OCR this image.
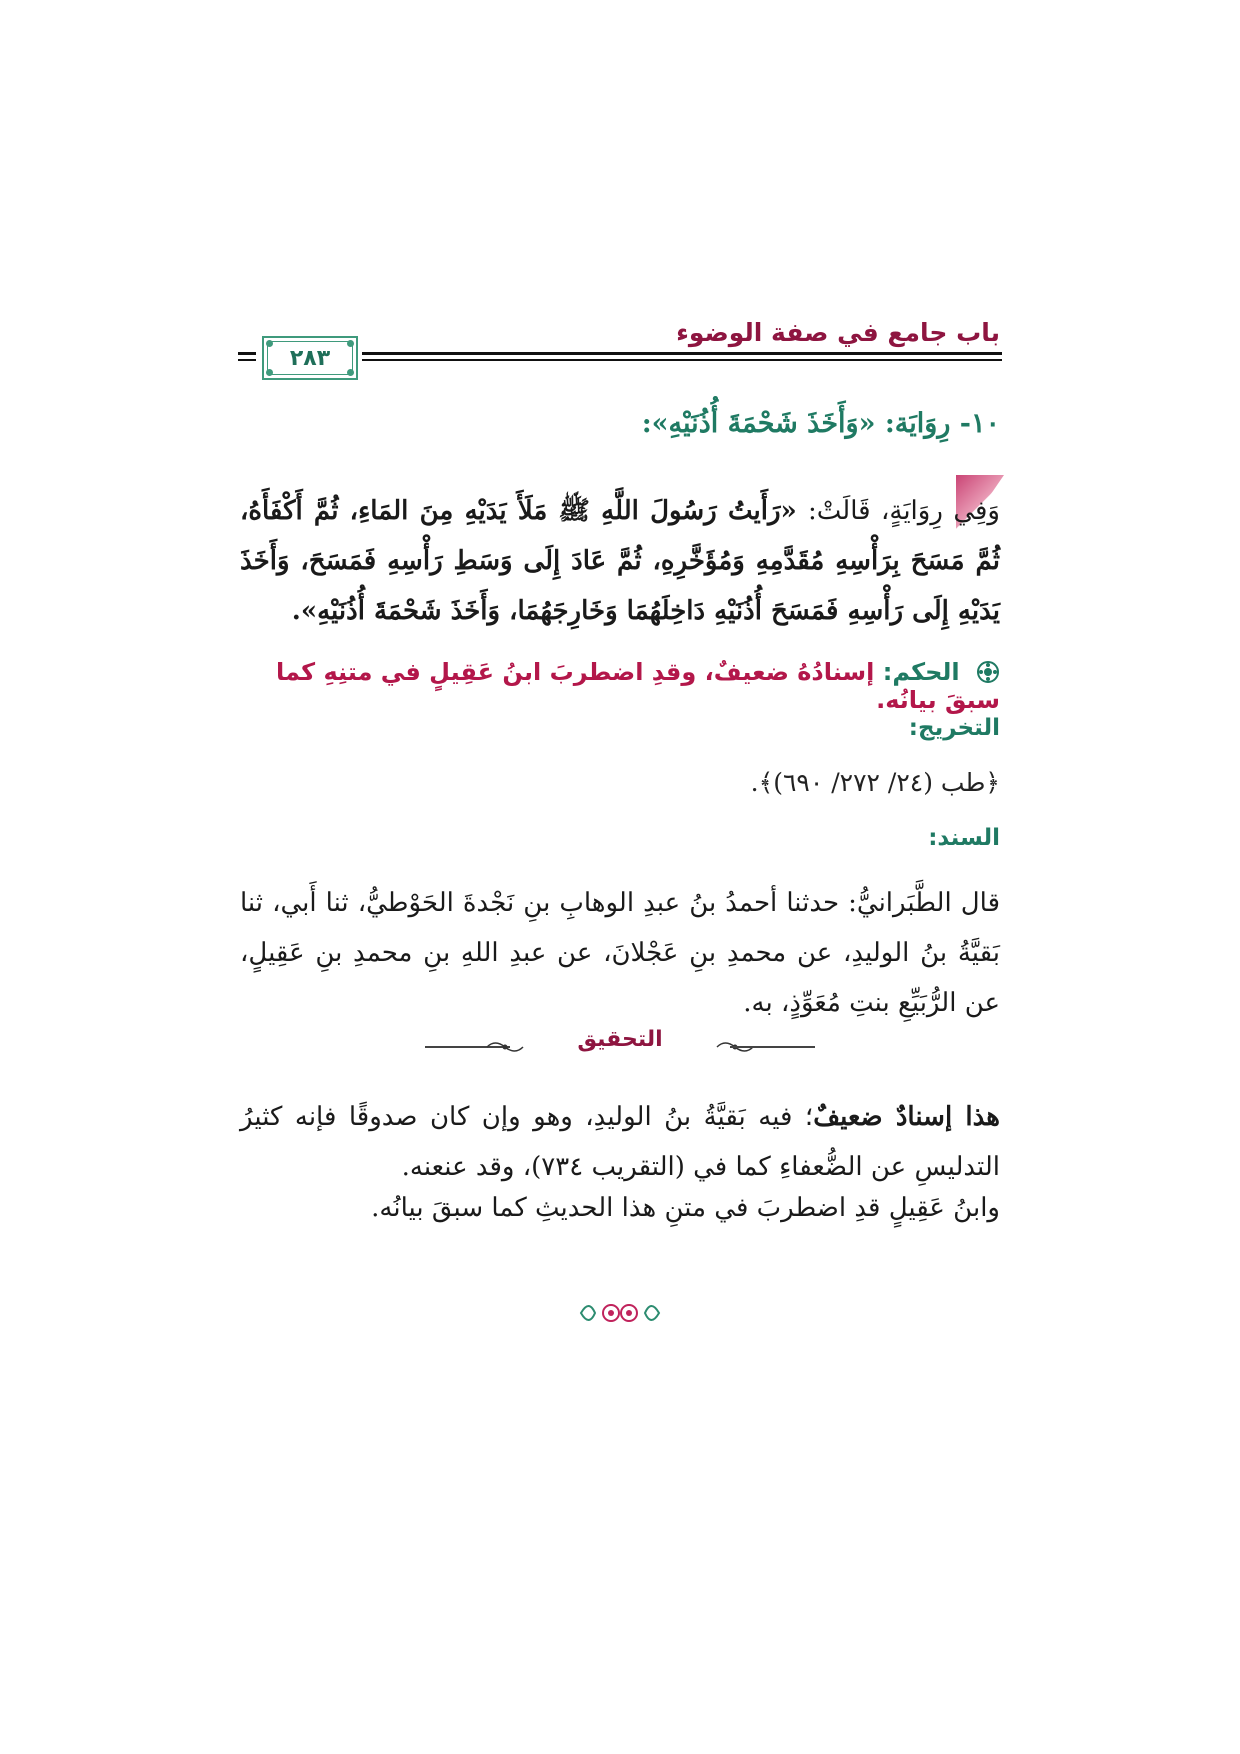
باب جامع في صفة الوضوء
٢٨٣
١٠- رِوَايَة: «وَأَخَذَ شَحْمَةَ أُذُنَيْهِ»:
وَفِي رِوَايَةٍ، قَالَتْ: «رَأَيتُ رَسُولَ اللَّهِ ﷺ مَلَأَ يَدَيْهِ مِنَ المَاءِ، ثُمَّ أَكْفَأَهُ، ثُمَّ مَسَحَ بِرَأْسِهِ مُقَدَّمِهِ وَمُؤَخَّرِهِ، ثُمَّ عَادَ إِلَى وَسَطِ رَأْسِهِ فَمَسَحَ، وَأَخَذَ يَدَيْهِ إِلَى رَأْسِهِ فَمَسَحَ أُذُنَيْهِ دَاخِلَهُمَا وَخَارِجَهُمَا، وَأَخَذَ شَحْمَةَ أُذُنَيْهِ».
الحكم: إسنادُهُ ضعيفٌ، وقدِ اضطربَ ابنُ عَقِيلٍ في متنِهِ كما سبقَ بيانُه.
التخريج:
﴿طب (٢٤/ ٢٧٢/ ٦٩٠)﴾.
السند:
قال الطَّبَرانيُّ: حدثنا أحمدُ بنُ عبدِ الوهابِ بنِ نَجْدةَ الحَوْطيُّ، ثنا أَبي، ثنا بَقيَّةُ بنُ الوليدِ، عن محمدِ بنِ عَجْلانَ، عن عبدِ اللهِ بنِ محمدِ بنِ عَقِيلٍ، عن الرُّبَيِّعِ بنتِ مُعَوِّذٍ، به.
التحقيق
هذا إسنادٌ ضعيفٌ؛ فيه بَقيَّةُ بنُ الوليدِ، وهو وإن كان صدوقًا فإنه كثيرُ التدليسِ عن الضُّعفاءِ كما في (التقريب ٧٣٤)، وقد عنعنه.
وابنُ عَقِيلٍ قدِ اضطربَ في متنِ هذا الحديثِ كما سبقَ بيانُه.
